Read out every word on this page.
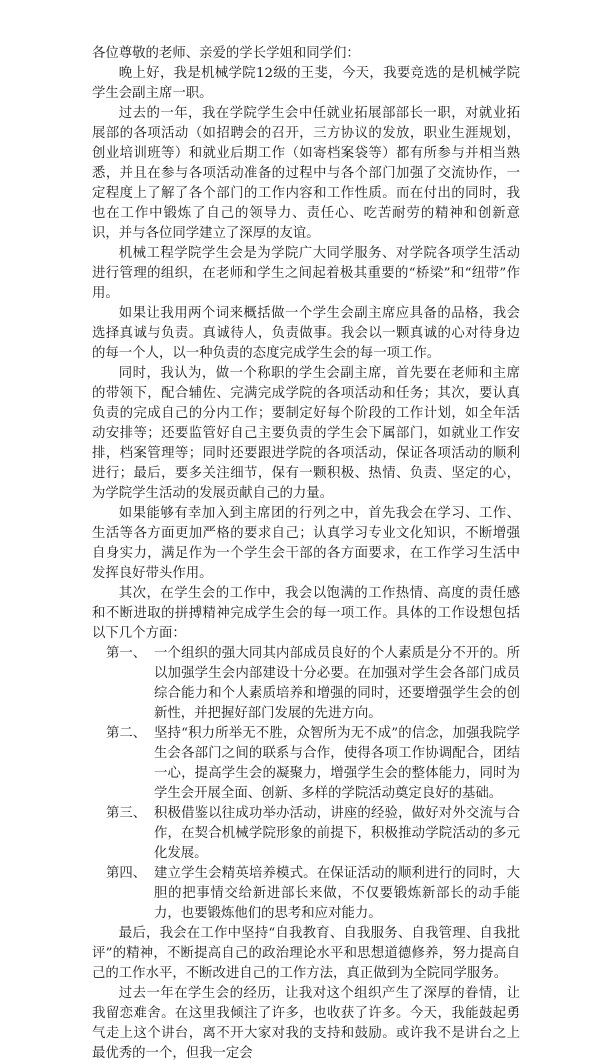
各位尊敬的老师、亲爱的学长学姐和同学们：

晚上好，我是机械学院12级的王斐，今天，我要竞选的是机械学院学生会副主席一职。

过去的一年，我在学院学生会中任就业拓展部部长一职，对就业拓展部的各项活动（如招聘会的召开，三方协议的发放，职业生涯规划，创业培训班等）和就业后期工作（如寄档案袋等）都有所参与并相当熟悉，并且在参与各项活动准备的过程中与各个部门加强了交流协作，一定程度上了解了各个部门的工作内容和工作性质。而在付出的同时，我也在工作中锻炼了自己的领导力、责任心、吃苦耐劳的精神和创新意识，并与各位同学建立了深厚的友谊。

机械工程学院学生会是为学院广大同学服务、对学院各项学生活动进行管理的组织，在老师和学生之间起着极其重要的“桥梁”和“纽带”作用。

如果让我用两个词来概括做一个学生会副主席应具备的品格，我会选择真诚与负责。真诚待人，负责做事。我会以一颗真诚的心对待身边的每一个人，以一种负责的态度完成学生会的每一项工作。

同时，我认为，做一个称职的学生会副主席，首先要在老师和主席的带领下，配合辅佐、完满完成学院的各项活动和任务；其次，要认真负责的完成自己的分内工作；要制定好每个阶段的工作计划，如全年活动安排等；还要监管好自己主要负责的学生会下属部门，如就业工作安排，档案管理等；同时还要跟进学院的各项活动，保证各项活动的顺利进行；最后，要多关注细节，保有一颗积极、热情、负责、坚定的心，为学院学生活动的发展贡献自己的力量。

如果能够有幸加入到主席团的行列之中，首先我会在学习、工作、生活等各方面更加严格的要求自己；认真学习专业文化知识，不断增强自身实力，满足作为一个学生会干部的各方面要求，在工作学习生活中发挥良好带头作用。

其次，在学生会的工作中，我会以饱满的工作热情、高度的责任感和不断进取的拼搏精神完成学生会的每一项工作。具体的工作设想包括以下几个方面：

第一、 一个组织的强大同其内部成员良好的个人素质是分不开的。所以加强学生会内部建设十分必要。在加强对学生会各部门成员综合能力和个人素质培养和增强的同时，还要增强学生会的创新性，并把握好部门发展的先进方向。
第二、 坚持“积力所举无不胜，众智所为无不成”的信念，加强我院学生会各部门之间的联系与合作，使得各项工作协调配合，团结一心，提高学生会的凝聚力，增强学生会的整体能力，同时为学生会开展全面、创新、多样的学院活动奠定良好的基础。
第三、 积极借鉴以往成功举办活动，讲座的经验，做好对外交流与合作，在契合机械学院形象的前提下，积极推动学院活动的多元化发展。
第四、 建立学生会精英培养模式。在保证活动的顺利进行的同时，大胆的把事情交给新进部长来做，不仅要锻炼新部长的动手能力，也要锻炼他们的思考和应对能力。

最后，我会在工作中坚持“自我教育、自我服务、自我管理、自我批评”的精神，不断提高自己的政治理论水平和思想道德修养，努力提高自己的工作水平，不断改进自己的工作方法，真正做到为全院同学服务。

过去一年在学生会的经历，让我对这个组织产生了深厚的眷情，让我留恋难舍。在这里我倾注了许多，也收获了许多。今天，我能鼓起勇气走上这个讲台，离不开大家对我的支持和鼓励。或许我不是讲台之上最优秀的一个，但我一定会
